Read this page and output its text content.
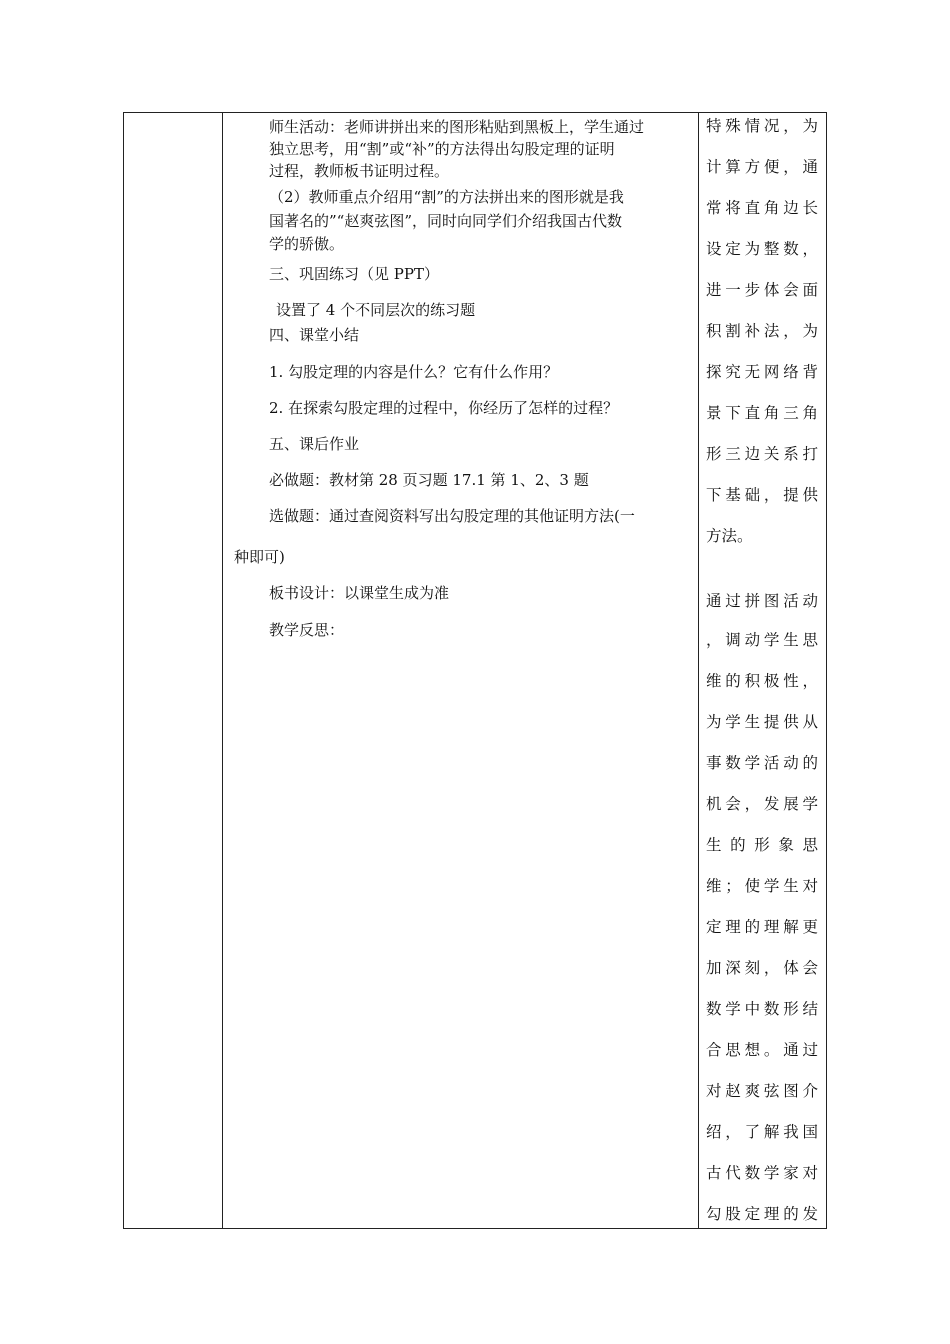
师生活动：老师讲拼出来的图形粘贴到黑板上，学生通过
独立思考，用“割”或“补”的方法得出勾股定理的证明
过程，教师板书证明过程。
（2）教师重点介绍用“割”的方法拼出来的图形就是我
国著名的”“赵爽弦图”，同时向同学们介绍我国古代数
学的骄傲。
三、巩固练习（见 PPT）
设置了 4 个不同层次的练习题
四、课堂小结
1. 勾股定理的内容是什么？它有什么作用？
2. 在探索勾股定理的过程中，你经历了怎样的过程？
五、课后作业
必做题：教材第 28 页习题 17.1 第 1、2、3 题
选做题：通过查阅资料写出勾股定理的其他证明方法(一
种即可)
板书设计：以课堂生成为准
教学反思：
特殊情况，为
计算方便，通
常将直角边长
设定为整数，
进一步体会面
积割补法，为
探究无网络背
景下直角三角
形三边关系打
下基础，提供
方法。
通过拼图活动
，调动学生思
维的积极性，
为学生提供从
事数学活动的
机会，发展学
生的形象思
维；使学生对
定理的理解更
加深刻，体会
数学中数形结
合思想。通过
对赵爽弦图介
绍，了解我国
古代数学家对
勾股定理的发
